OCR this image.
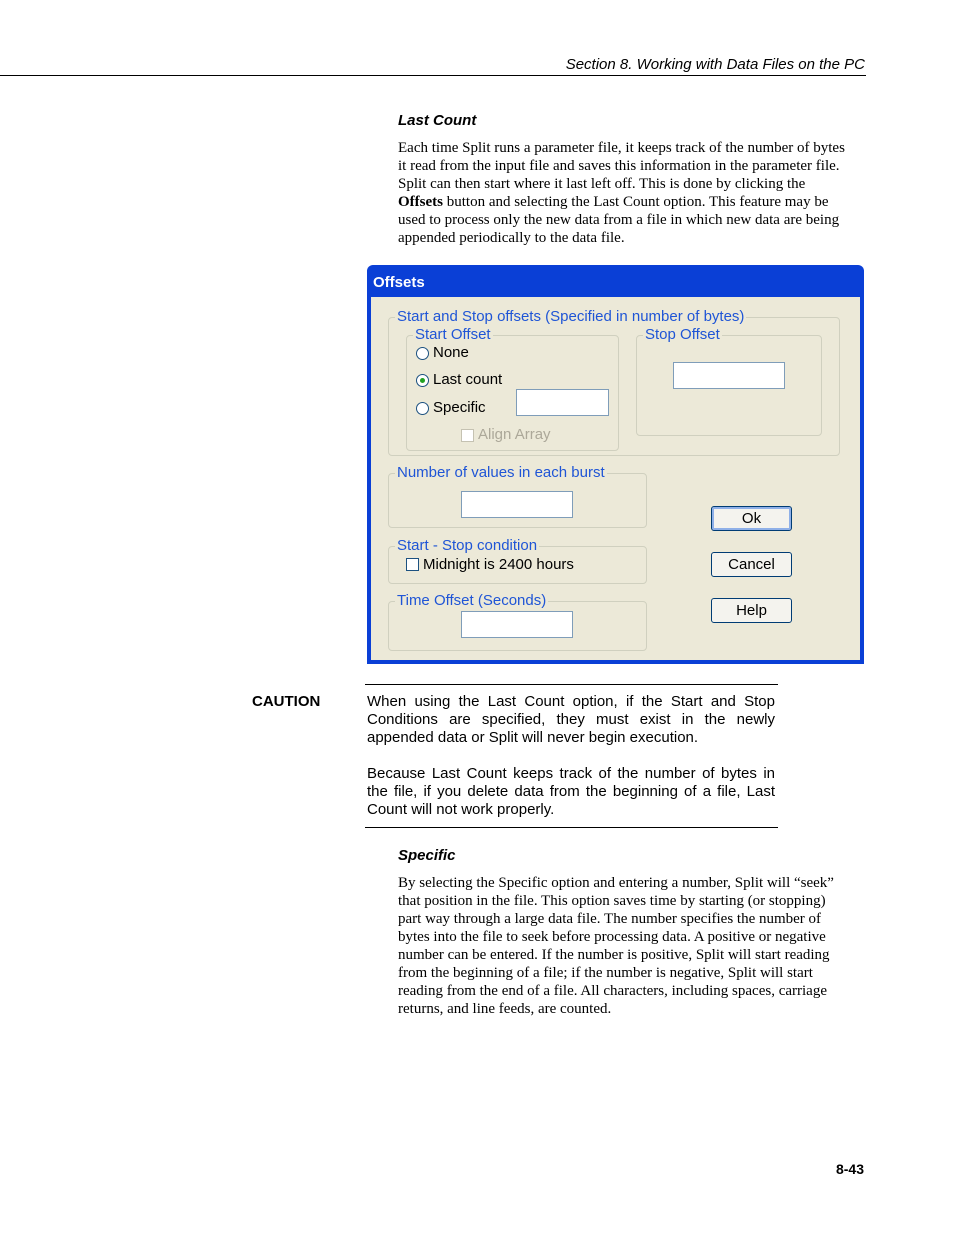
Section 8. Working with Data Files on the PC
Last Count

Each time Split runs a parameter file, it keeps track of the number of bytes

it read from the input file and saves this information in the parameter file.

Split can then start where it last left off. This is done by clicking the

Offsets button and selecting the Last Count option. This feature may be

used to process only the new data from a file in which new data are being

appended periodically to the data file.

Offsets
Start and Stop offsets (Specified in number of bytes)
Start Offset
None
Last count
Specific
Align Array
Stop Offset
Number of values in each burst
Start - Stop condition
Midnight is 2400 hours
Time Offset (Seconds)
Ok
Cancel
Help
CAUTION	When using the Last Count option, if the Start and Stop Conditions are specified, they must exist in the newly appended data or Split will never begin execution.

Because Last Count keeps track of the number of bytes in the file, if you delete data from the beginning of a file, Last Count will not work properly.

Specific

By selecting the Specific option and entering a number, Split will “seek”

that position in the file. This option saves time by starting (or stopping)

part way through a large data file. The number specifies the number of

bytes into the file to seek before processing data. A positive or negative

number can be entered. If the number is positive, Split will start reading

from the beginning of a file; if the number is negative, Split will start

reading from the end of a file. All characters, including spaces, carriage

returns, and line feeds, are counted.

8-43
